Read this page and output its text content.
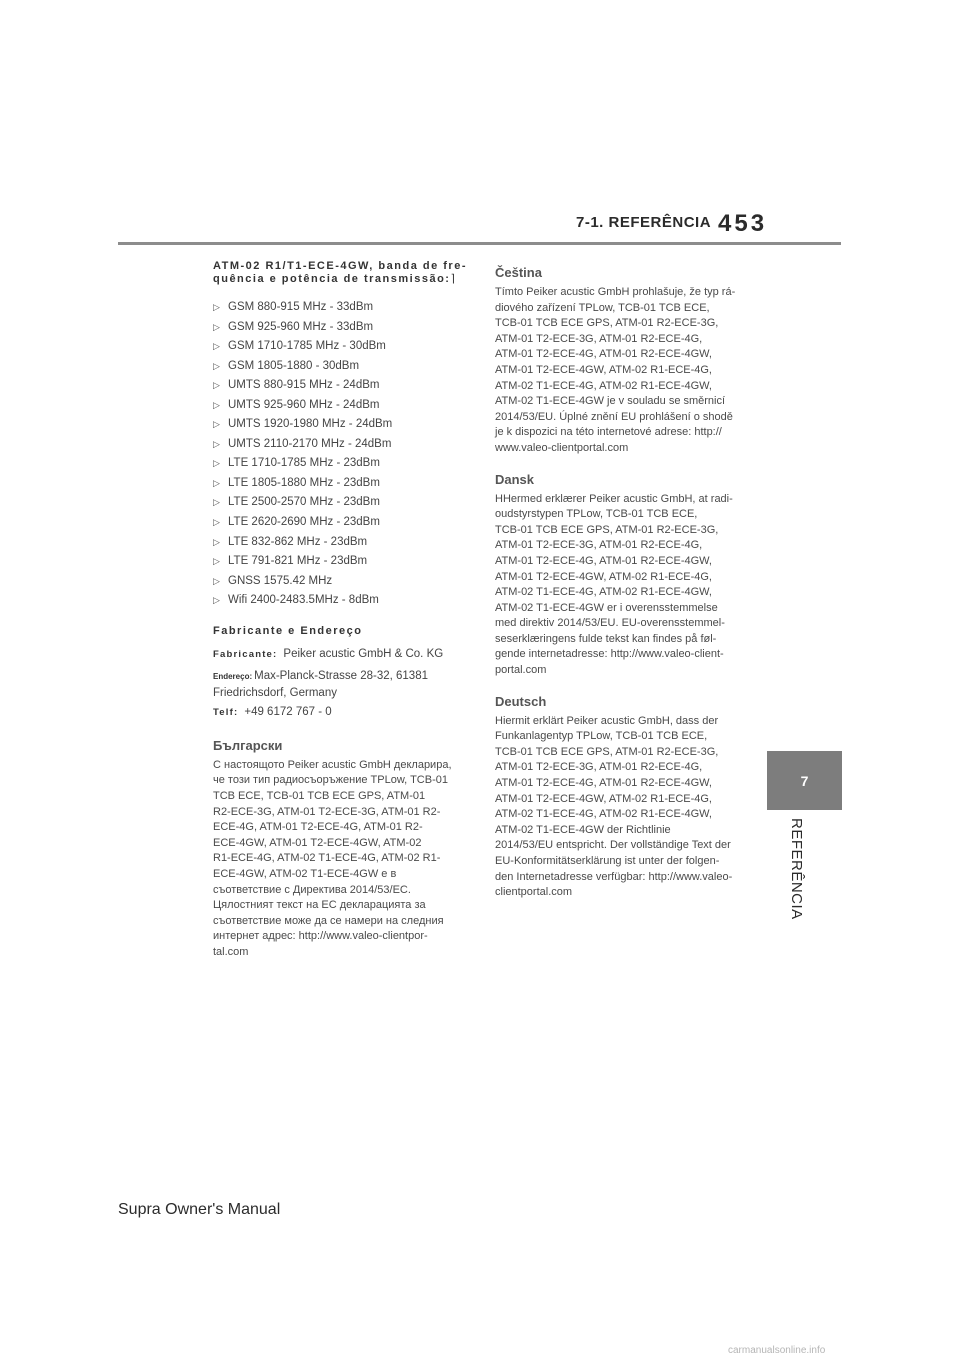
7-1. REFERÊNCIA 453
7
REFERÊNCIA
ATM-02 R1/T1-ECE-4GW, banda de fre-quência e potência de transmissão:⌉
▷ GSM 880-915 MHz - 33dBm
▷ GSM 925-960 MHz - 33dBm
▷ GSM 1710-1785 MHz - 30dBm
▷ GSM 1805-1880 - 30dBm
▷ UMTS 880-915 MHz - 24dBm
▷ UMTS 925-960 MHz - 24dBm
▷ UMTS 1920-1980 MHz - 24dBm
▷ UMTS 2110-2170 MHz - 24dBm
▷ LTE 1710-1785 MHz - 23dBm
▷ LTE 1805-1880 MHz - 23dBm
▷ LTE 2500-2570 MHz - 23dBm
▷ LTE 2620-2690 MHz - 23dBm
▷ LTE 832-862 MHz - 23dBm
▷ LTE 791-821 MHz - 23dBm
▷ GNSS 1575.42 MHz
▷ Wifi 2400-2483.5MHz - 8dBm
Fabricante e Endereço
Fabricante: Peiker acustic GmbH & Co. KG
Endereço: Max-Planck-Strasse 28-32, 61381 Friedrichsdorf, Germany
Telf: +49 6172 767 - 0
Български

С настоящото Peiker acustic GmbH декларира,
че този тип радиосъоръжение TPLow, TCB-01
TCB ECE, TCB-01 TCB ECE GPS, ATM-01
R2-ECE-3G, ATM-01 T2-ECE-3G, ATM-01 R2-
ECE-4G, ATM-01 T2-ECE-4G, ATM-01 R2-
ECE-4GW, ATM-01 T2-ECE-4GW, ATM-02
R1-ECE-4G, ATM-02 T1-ECE-4G, ATM-02 R1-
ECE-4GW, ATM-02 T1-ECE-4GW е в
съответствие с Директива 2014/53/ЕС.
Цялостният текст на ЕС декларацията за
съответствие може да се намери на следния
интернет адрес: http://www.valeo-clientpor-
tal.com

Čeština

Tímto Peiker acustic GmbH prohlašuje, že typ rá-
diového zařízení TPLow, TCB-01 TCB ECE,
TCB-01 TCB ECE GPS, ATM-01 R2-ECE-3G,
ATM-01 T2-ECE-3G, ATM-01 R2-ECE-4G,
ATM-01 T2-ECE-4G, ATM-01 R2-ECE-4GW,
ATM-01 T2-ECE-4GW, ATM-02 R1-ECE-4G,
ATM-02 T1-ECE-4G, ATM-02 R1-ECE-4GW,
ATM-02 T1-ECE-4GW je v souladu se směrnicí
2014/53/EU. Úplné znění EU prohlášení o shodě
je k dispozici na této internetové adrese: http://
www.valeo-clientportal.com

Dansk

HHermed erklærer Peiker acustic GmbH, at radi-
oudstyrstypen TPLow, TCB-01 TCB ECE,
TCB-01 TCB ECE GPS, ATM-01 R2-ECE-3G,
ATM-01 T2-ECE-3G, ATM-01 R2-ECE-4G,
ATM-01 T2-ECE-4G, ATM-01 R2-ECE-4GW,
ATM-01 T2-ECE-4GW, ATM-02 R1-ECE-4G,
ATM-02 T1-ECE-4G, ATM-02 R1-ECE-4GW,
ATM-02 T1-ECE-4GW er i overensstemmelse
med direktiv 2014/53/EU. EU-overensstemmel-
seserklæringens fulde tekst kan findes på føl-
gende internetadresse: http://www.valeo-client-
portal.com

Deutsch

Hiermit erklärt Peiker acustic GmbH, dass der
Funkanlagentyp TPLow, TCB-01 TCB ECE,
TCB-01 TCB ECE GPS, ATM-01 R2-ECE-3G,
ATM-01 T2-ECE-3G, ATM-01 R2-ECE-4G,
ATM-01 T2-ECE-4G, ATM-01 R2-ECE-4GW,
ATM-01 T2-ECE-4GW, ATM-02 R1-ECE-4G,
ATM-02 T1-ECE-4G, ATM-02 R1-ECE-4GW,
ATM-02 T1-ECE-4GW der Richtlinie
2014/53/EU entspricht. Der vollständige Text der
EU-Konformitätserklärung ist unter der folgen-
den Internetadresse verfügbar: http://www.valeo-
clientportal.com

Supra Owner's Manual
carmanualsonline.info
